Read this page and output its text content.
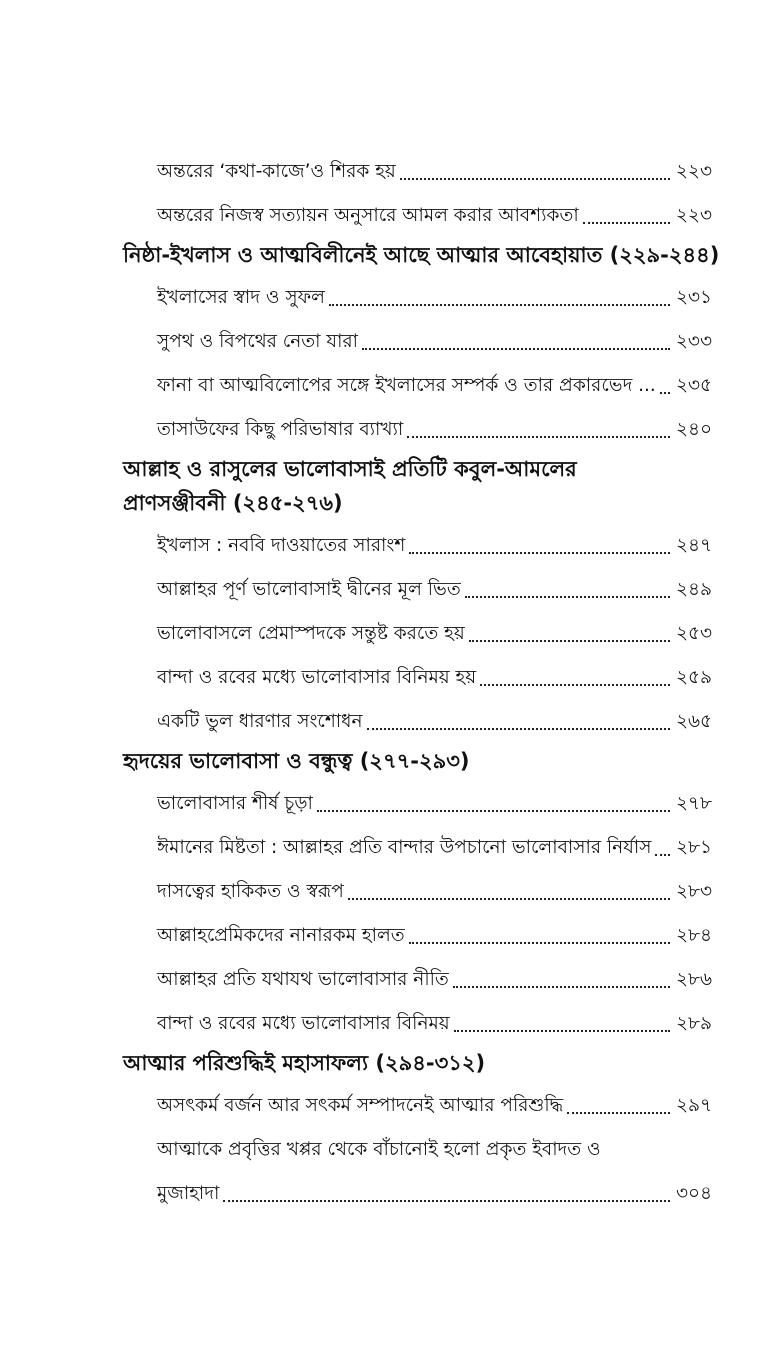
অন্তরের ‘কথা-কাজে’ও শিরক হয়	২২৩
অন্তরের নিজস্ব সত্যায়ন অনুসারে আমল করার আবশ্যকতা	২২৩
নিষ্ঠা-ইখলাস ও আত্মবিলীনেই আছে আত্মার আবেহায়াত (২২৯-২৪৪)
ইখলাসের স্বাদ ও সুফল	২৩১
সুপথ ও বিপথের নেতা যারা	২৩৩
ফানা বা আত্মবিলোপের সঙ্গে ইখলাসের সম্পর্ক ও তার প্রকারভেদ ... ২৩৫
তাসাউফের কিছু পরিভাষার ব্যাখ্যা	২৪০
আল্লাহ ও রাসুলের ভালোবাসাই প্রতিটি কবুল-আমলের
প্রাণসঞ্জীবনী (২৪৫-২৭৬)
ইখলাস : নববি দাওয়াতের সারাংশ	২৪৭
আল্লাহর পূর্ণ ভালোবাসাই দ্বীনের মূল ভিত	২৪৯
ভালোবাসলে প্রেমাস্পদকে সন্তুষ্ট করতে হয়	২৫৩
বান্দা ও রবের মধ্যে ভালোবাসার বিনিময় হয়	২৫৯
একটি ভুল ধারণার সংশোধন	২৬৫
হৃদয়ের ভালোবাসা ও বন্ধুত্ব (২৭৭-২৯৩)
ভালোবাসার শীর্ষ চূড়া	২৭৮
ঈমানের মিষ্টতা : আল্লাহর প্রতি বান্দার উপচানো ভালোবাসার নির্যাস ২৮১
দাসত্বের হাকিকত ও স্বরূপ	২৮৩
আল্লাহপ্রেমিকদের নানারকম হালত	২৮৪
আল্লাহর প্রতি যথাযথ ভালোবাসার নীতি	২৮৬
বান্দা ও রবের মধ্যে ভালোবাসার বিনিময়	২৮৯
আত্মার পরিশুদ্ধিই মহাসাফল্য (২৯৪-৩১২)
অসৎকর্ম বর্জন আর সৎকর্ম সম্পাদনেই আত্মার পরিশুদ্ধি	২৯৭
আত্মাকে প্রবৃত্তির খপ্পর থেকে বাঁচানোই হলো প্রকৃত ইবাদত ও
মুজাহাদা	৩০৪
